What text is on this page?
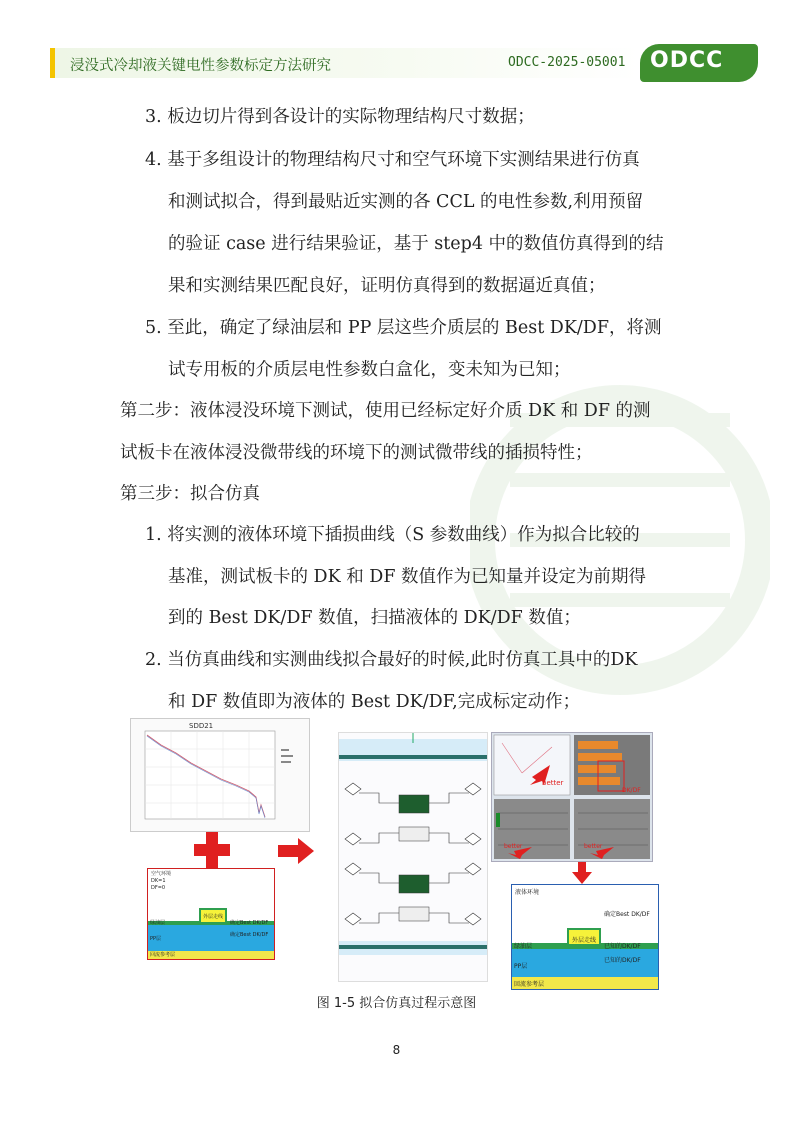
浸没式冷却液关键电性参数标定方法研究	ODCC-2025-05001 ODCC
3. 板边切片得到各设计的实际物理结构尺寸数据；
4. 基于多组设计的物理结构尺寸和空气环境下实测结果进行仿真
和测试拟合，得到最贴近实测的各 CCL 的电性参数,利用预留
的验证 case 进行结果验证，基于 step4 中的数值仿真得到的结
果和实测结果匹配良好，证明仿真得到的数据逼近真值；
5. 至此，确定了绿油层和 PP 层这些介质层的 Best DK/DF，将测
试专用板的介质层电性参数白盒化，变未知为已知；
第二步：液体浸没环境下测试，使用已经标定好介质 DK 和 DF 的测
试板卡在液体浸没微带线的环境下的测试微带线的插损特性；
第三步：拟合仿真
1. 将实测的液体环境下插损曲线（S 参数曲线）作为拟合比较的
基准，测试板卡的 DK 和 DF 数值作为已知量并设定为前期得
到的 Best DK/DF 数值，扫描液体的 DK/DF 数值；
2. 当仿真曲线和实测曲线拟合最好的时候,此时仿真工具中的DK
和 DF 数值即为液体的 Best DK/DF,完成标定动作；
SDD21
空气环境
DK=1
DF=0
外层走线
绿油层	确定Best DK/DF
PP层
确定Best DK/DF
回流参考层
better
DK/DF
better	better
液体环境
确定Best DK/DF
外层走线
绿油层	已知的DK/DF
PP层
已知的DK/DF
回流参考层
图 1-5 拟合仿真过程示意图
8
